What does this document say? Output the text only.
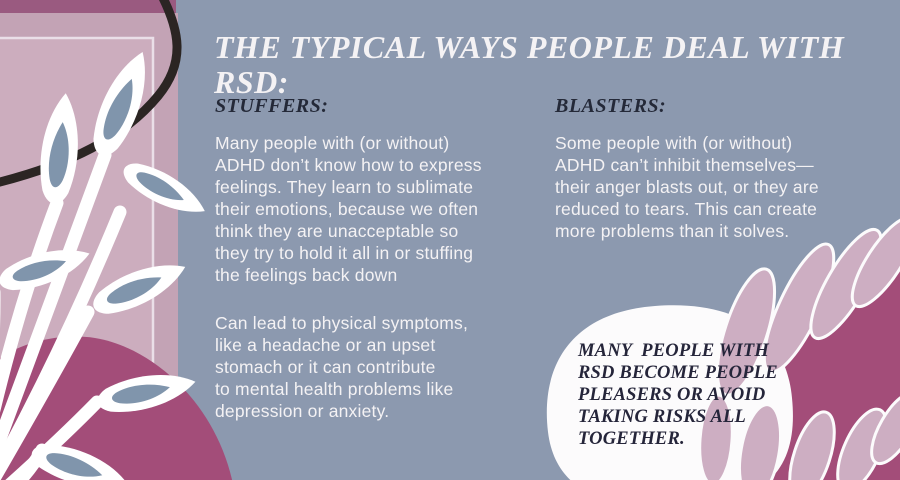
THE TYPICAL WAYS PEOPLE DEAL WITH RSD:
STUFFERS:
Many people with (or without)
ADHD don’t know how to express
feelings. They learn to sublimate
their emotions, because we often
think they are unacceptable so
they try to hold it all in or stuffing
the feelings back down
Can lead to physical symptoms,
like a headache or an upset
stomach or it can contribute
to mental health problems like
depression or anxiety.
BLASTERS:
Some people with (or without)
ADHD can’t inhibit themselves—
their anger blasts out, or they are
reduced to tears. This can create
more problems than it solves.
MANY  PEOPLE WITH
RSD BECOME PEOPLE
PLEASERS OR AVOID
TAKING RISKS ALL
TOGETHER.
